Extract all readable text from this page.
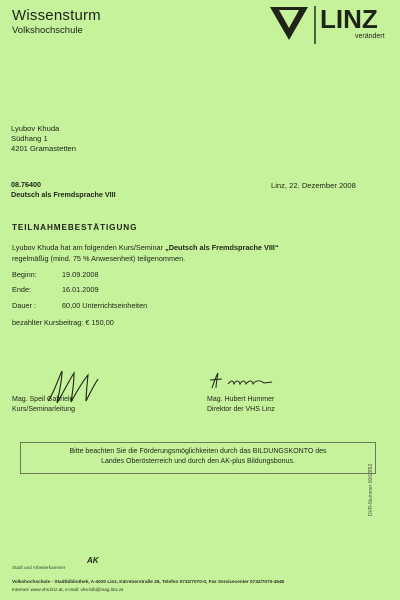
Wissensturm
Volkshochschule	LINZ
verändert
Lyubov Khuda
Südhang 1
4201 Gramastetten
08.76400
Deutsch als Fremdsprache VIII
Linz, 22. Dezember 2008
TEILNAHMEBESTÄTIGUNG
Lyubov Khuda hat am folgenden Kurs/Seminar „Deutsch als Fremdsprache VIII“
regelmäßig (mind. 75 % Anwesenheit) teilgenommen.
Beginn:	19.09.2008
Ende:	16.01.2009
Dauer :	60,00 Unterrichtseinheiten
bezahlter Kursbeitrag: € 150,00
Mag. Speil Gabriele
Kurs/Seminarleitung
Mag. Hubert Hummer
Direktor der VHS Linz
Bitte beachten Sie die Förderungsmöglichkeiten durch das BILDUNGSKONTO des
Landes Oberösterreich und durch den AK-plus Bildungsbonus.
DVR-Nummer 0002852
Stadt und Arbeiterkammer
AK
Volkshochschule - Stadtbibliothek, A-4020 Linz, Kärntnerstraße 26, Telefon 0732/7070-0, Fax Servicecenter 0732/7070-4546
Internet: www.vhs.linz.at, e-mail: vhs-bib@mag.linz.at
